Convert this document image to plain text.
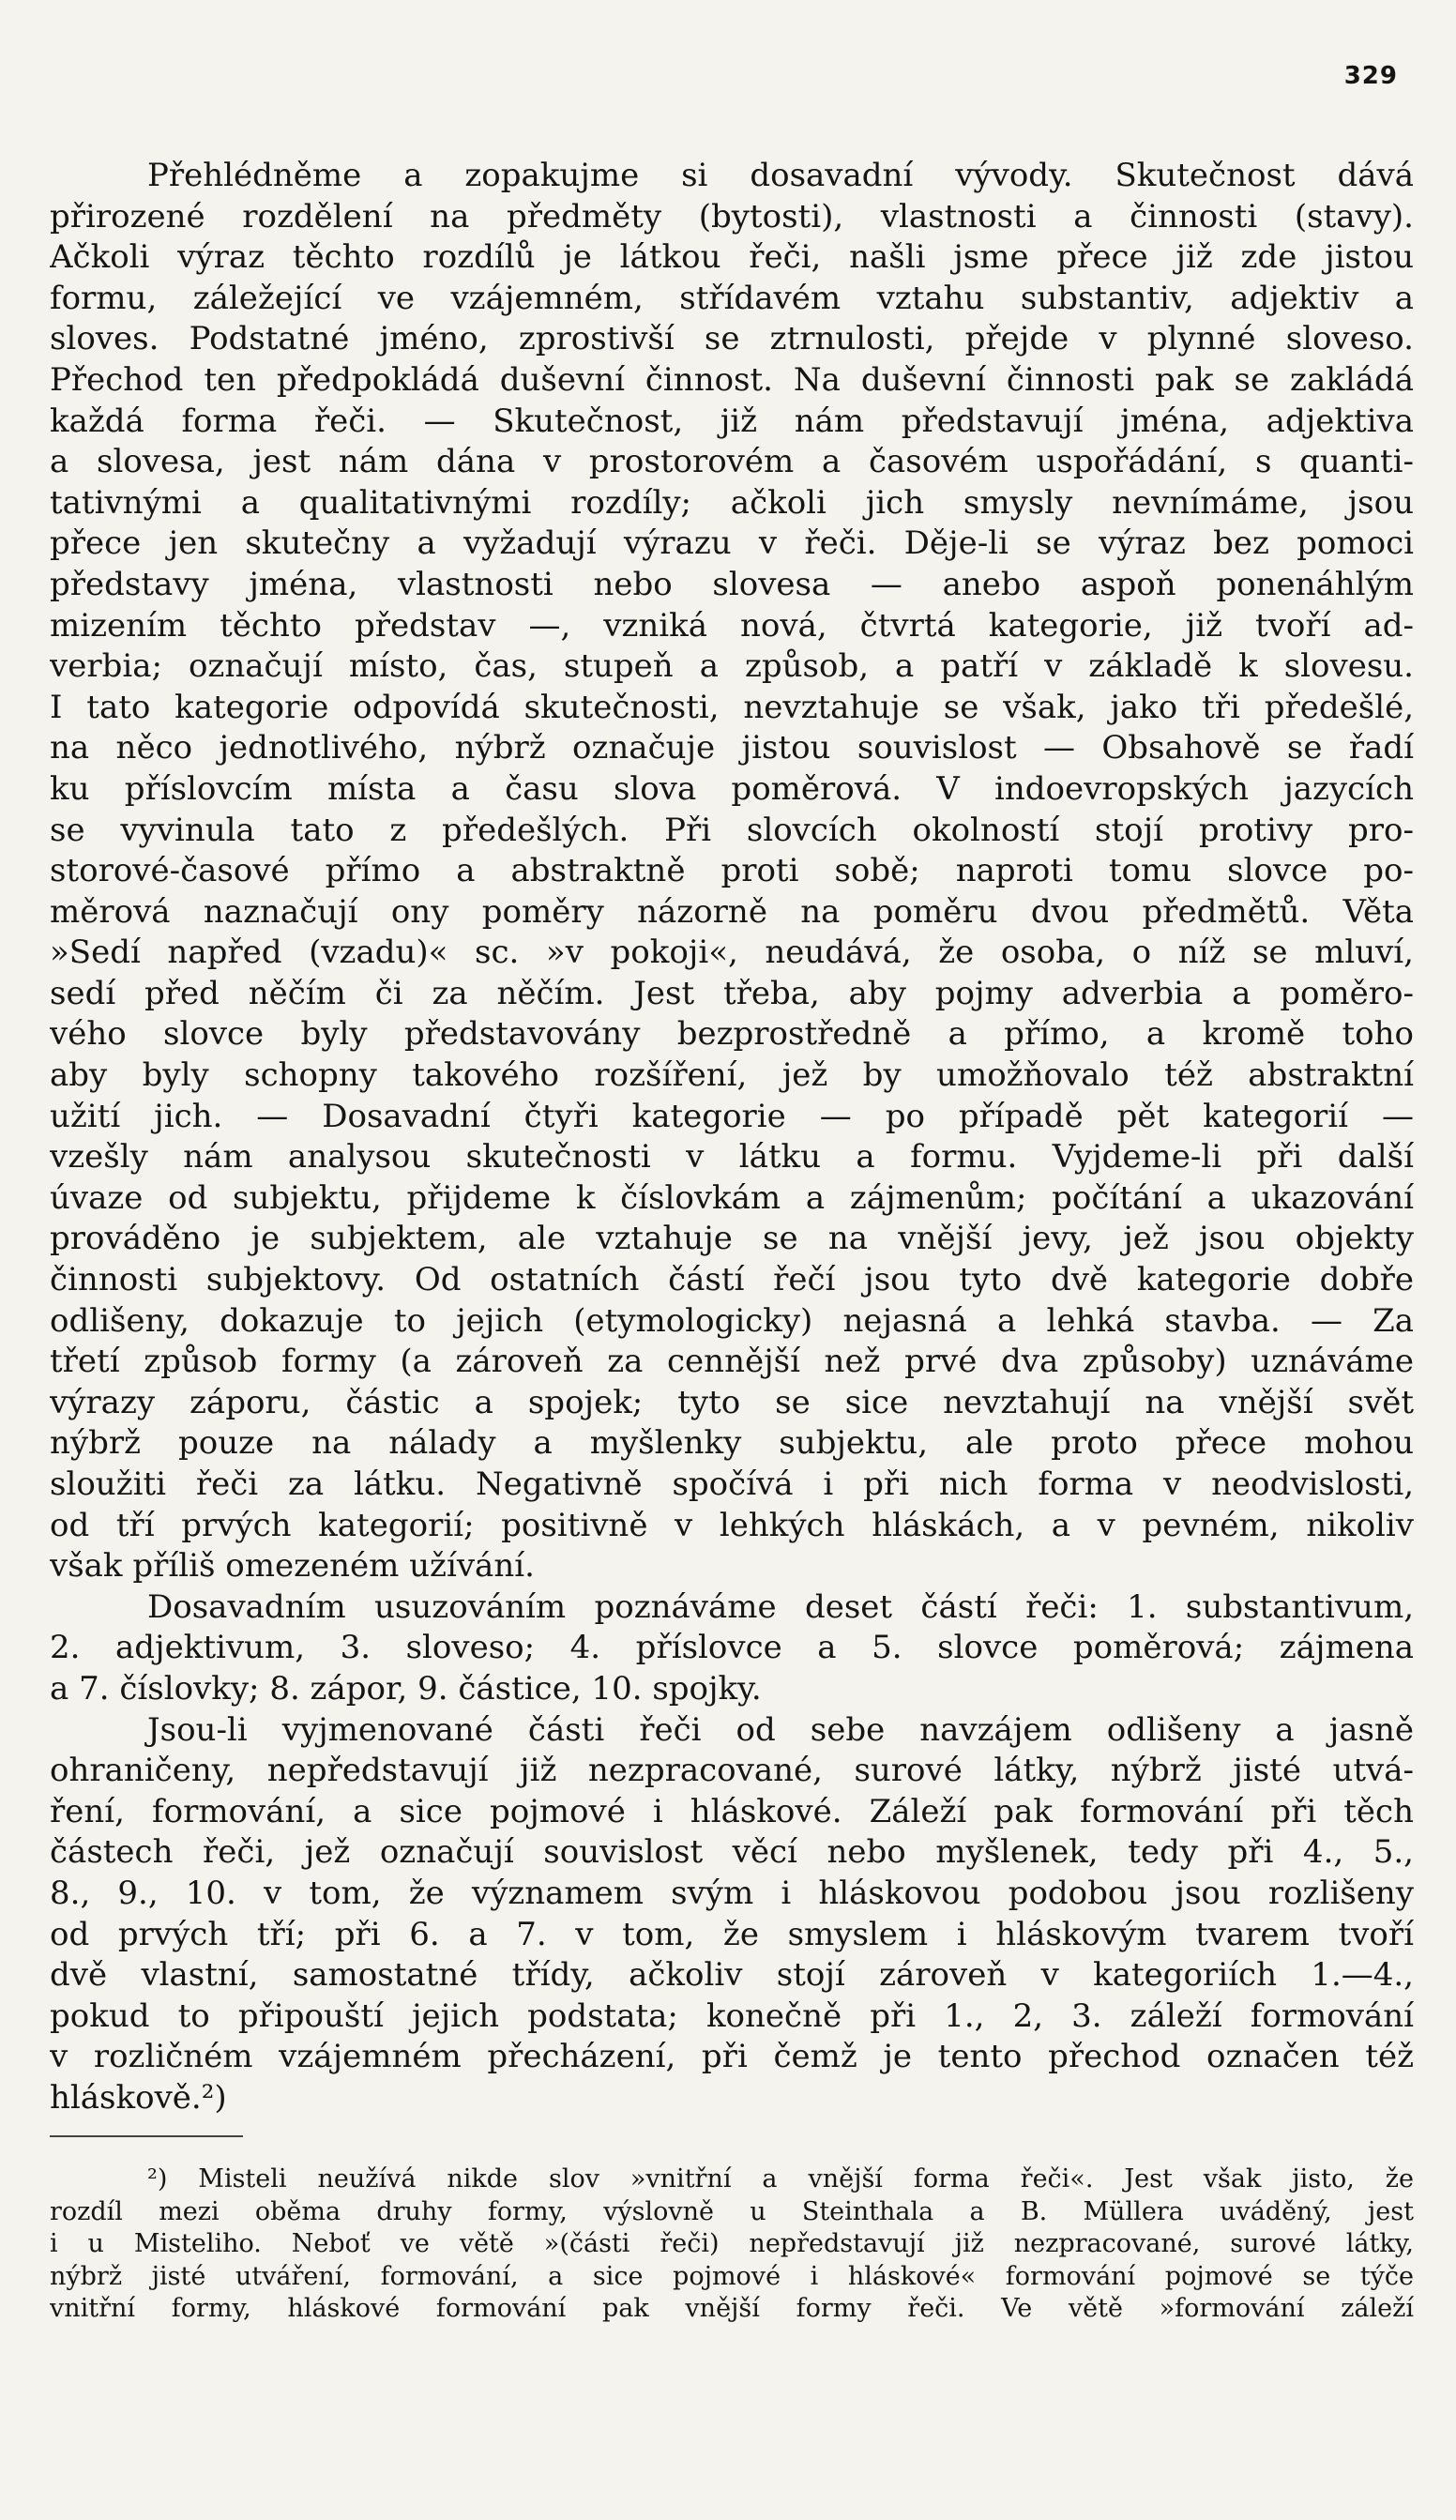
329
Přehlédněme a zopakujme si dosavadní vývody. Skutečnost dává
přirozené rozdělení na předměty (bytosti), vlastnosti a činnosti (stavy).
Ačkoli výraz těchto rozdílů je látkou řeči, našli jsme přece již zde jistou
formu, záležející ve vzájemném, střídavém vztahu substantiv, adjektiv a
sloves. Podstatné jméno, zprostivší se ztrnulosti, přejde v plynné sloveso.
Přechod ten předpokládá duševní činnost. Na duševní činnosti pak se zakládá
každá forma řeči. — Skutečnost, již nám představují jména, adjektiva
a slovesa, jest nám dána v prostorovém a časovém uspořádání, s quanti-
tativnými a qualitativnými rozdíly; ačkoli jich smysly nevnímáme, jsou
přece jen skutečny a vyžadují výrazu v řeči. Děje-li se výraz bez pomoci
představy jména, vlastnosti nebo slovesa — anebo aspoň ponenáhlým
mizením těchto představ —, vzniká nová, čtvrtá kategorie, již tvoří ad-
verbia; označují místo, čas, stupeň a způsob, a patří v základě k slovesu.
I tato kategorie odpovídá skutečnosti, nevztahuje se však, jako tři předešlé,
na něco jednotlivého, nýbrž označuje jistou souvislost — Obsahově se řadí
ku příslovcím místa a času slova poměrová. V indoevropských jazycích
se vyvinula tato z předešlých. Při slovcích okolností stojí protivy pro-
storové-časové přímo a abstraktně proti sobě; naproti tomu slovce po-
měrová naznačují ony poměry názorně na poměru dvou předmětů. Věta
»Sedí napřed (vzadu)« sc. »v pokoji«, neudává, že osoba, o níž se mluví,
sedí před něčím či za něčím. Jest třeba, aby pojmy adverbia a poměro-
vého slovce byly představovány bezprostředně a přímo, a kromě toho
aby byly schopny takového rozšíření, jež by umožňovalo též abstraktní
užití jich. — Dosavadní čtyři kategorie — po případě pět kategorií —
vzešly nám analysou skutečnosti v látku a formu. Vyjdeme-li při další
úvaze od subjektu, přijdeme k číslovkám a zájmenům; počítání a ukazování
prováděno je subjektem, ale vztahuje se na vnější jevy, jež jsou objekty
činnosti subjektovy. Od ostatních částí řečí jsou tyto dvě kategorie dobře
odlišeny, dokazuje to jejich (etymologicky) nejasná a lehká stavba. — Za
třetí způsob formy (a zároveň za cennější než prvé dva způsoby) uznáváme
výrazy záporu, částic a spojek; tyto se sice nevztahují na vnější svět
nýbrž pouze na nálady a myšlenky subjektu, ale proto přece mohou
sloužiti řeči za látku. Negativně spočívá i při nich forma v neodvislosti,
od tří prvých kategorií; positivně v lehkých hláskách, a v pevném, nikoliv
však příliš omezeném užívání.
Dosavadním usuzováním poznáváme deset částí řeči: 1. substantivum,
2. adjektivum, 3. sloveso; 4. příslovce a 5. slovce poměrová; zájmena
a 7. číslovky; 8. zápor, 9. částice, 10. spojky.
Jsou-li vyjmenované části řeči od sebe navzájem odlišeny a jasně
ohraničeny, nepředstavují již nezpracované, surové látky, nýbrž jisté utvá-
ření, formování, a sice pojmové i hláskové. Záleží pak formování při těch
částech řeči, jež označují souvislost věcí nebo myšlenek, tedy při 4., 5.,
8., 9., 10. v tom, že významem svým i hláskovou podobou jsou rozlišeny
od prvých tří; při 6. a 7. v tom, že smyslem i hláskovým tvarem tvoří
dvě vlastní, samostatné třídy, ačkoliv stojí zároveň v kategoriích 1.—4.,
pokud to připouští jejich podstata; konečně při 1., 2, 3. záleží formování
v rozličném vzájemném přecházení, při čemž je tento přechod označen též
hláskově.²)
²) Misteli neužívá nikde slov »vnitřní a vnější forma řeči«. Jest však jisto, že
rozdíl mezi oběma druhy formy, výslovně u Steinthala a B. Müllera uváděný, jest
i u Misteliho. Neboť ve větě »(části řeči) nepředstavují již nezpracované, surové látky,
nýbrž jisté utváření, formování, a sice pojmové i hláskové« formování pojmové se týče
vnitřní formy, hláskové formování pak vnější formy řeči. Ve větě »formování záleží
